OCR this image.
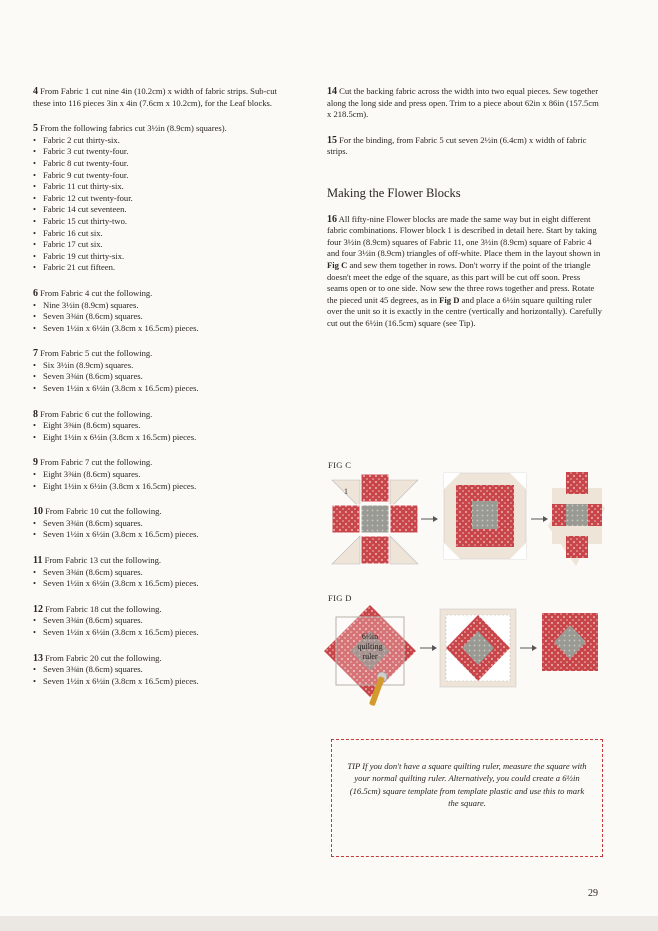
4 From Fabric 1 cut nine 4in (10.2cm) x width of fabric strips. Sub-cut these into 116 pieces 3in x 4in (7.6cm x 10.2cm), for the Leaf blocks.

5 From the following fabrics cut 3½in (8.9cm) squares).
• Fabric 2 cut thirty-six.
• Fabric 3 cut twenty-four.
• Fabric 8 cut twenty-four.
• Fabric 9 cut twenty-four.
• Fabric 11 cut thirty-six.
• Fabric 12 cut twenty-four.
• Fabric 14 cut seventeen.
• Fabric 15 cut thirty-two.
• Fabric 16 cut six.
• Fabric 17 cut six.
• Fabric 19 cut thirty-six.
• Fabric 21 cut fifteen.
6 From Fabric 4 cut the following.
• Nine 3½in (8.9cm) squares.
• Seven 3⅜in (8.6cm) squares.
• Seven 1½in x 6½in (3.8cm x 16.5cm) pieces.
7 From Fabric 5 cut the following.
• Six 3½in (8.9cm) squares.
• Seven 3⅜in (8.6cm) squares.
• Seven 1½in x 6½in (3.8cm x 16.5cm) pieces.
8 From Fabric 6 cut the following.
• Eight 3⅜in (8.6cm) squares.
• Eight 1½in x 6½in (3.8cm x 16.5cm) pieces.
9 From Fabric 7 cut the following.
• Eight 3⅜in (8.6cm) squares.
• Eight 1½in x 6½in (3.8cm x 16.5cm) pieces.
10 From Fabric 10 cut the following.
• Seven 3⅜in (8.6cm) squares.
• Seven 1½in x 6½in (3.8cm x 16.5cm) pieces.
11 From Fabric 13 cut the following.
• Seven 3⅜in (8.6cm) squares.
• Seven 1½in x 6½in (3.8cm x 16.5cm) pieces.
12 From Fabric 18 cut the following.
• Seven 3⅜in (8.6cm) squares.
• Seven 1½in x 6½in (3.8cm x 16.5cm) pieces.
13 From Fabric 20 cut the following.
• Seven 3⅜in (8.6cm) squares.
• Seven 1½in x 6½in (3.8cm x 16.5cm) pieces.

14 Cut the backing fabric across the width into two equal pieces. Sew together along the long side and press open. Trim to a piece about 62in x 86in (157.5cm x 218.5cm).

15 For the binding, from Fabric 5 cut seven 2½in (6.4cm) x width of fabric strips.

Making the Flower Blocks

16 All fifty-nine Flower blocks are made the same way but in eight different fabric combinations. Flower block 1 is described in detail here. Start by taking four 3½in (8.9cm) squares of Fabric 11, one 3½in (8.9cm) square of Fabric 4 and four 3½in (8.9cm) triangles of off-white. Place them in the layout shown in Fig C and sew them together in rows. Don't worry if the point of the triangle doesn't meet the edge of the square, as this part will be cut off soon. Press seams open or to one side. Now sew the three rows together and press. Rotate the pieced unit 45 degrees, as in Fig D and place a 6½in square quilting ruler over the unit so it is exactly in the centre (vertically and horizontally). Carefully cut out the 6½in (16.5cm) square (see Tip).

FIG C
1
FIG D
6½in
quilting
ruler
TIP If you don't have a square quilting ruler, measure the square with your normal quilting ruler. Alternatively, you could create a 6½in (16.5cm) square template from template plastic and use this to mark the square.
29
